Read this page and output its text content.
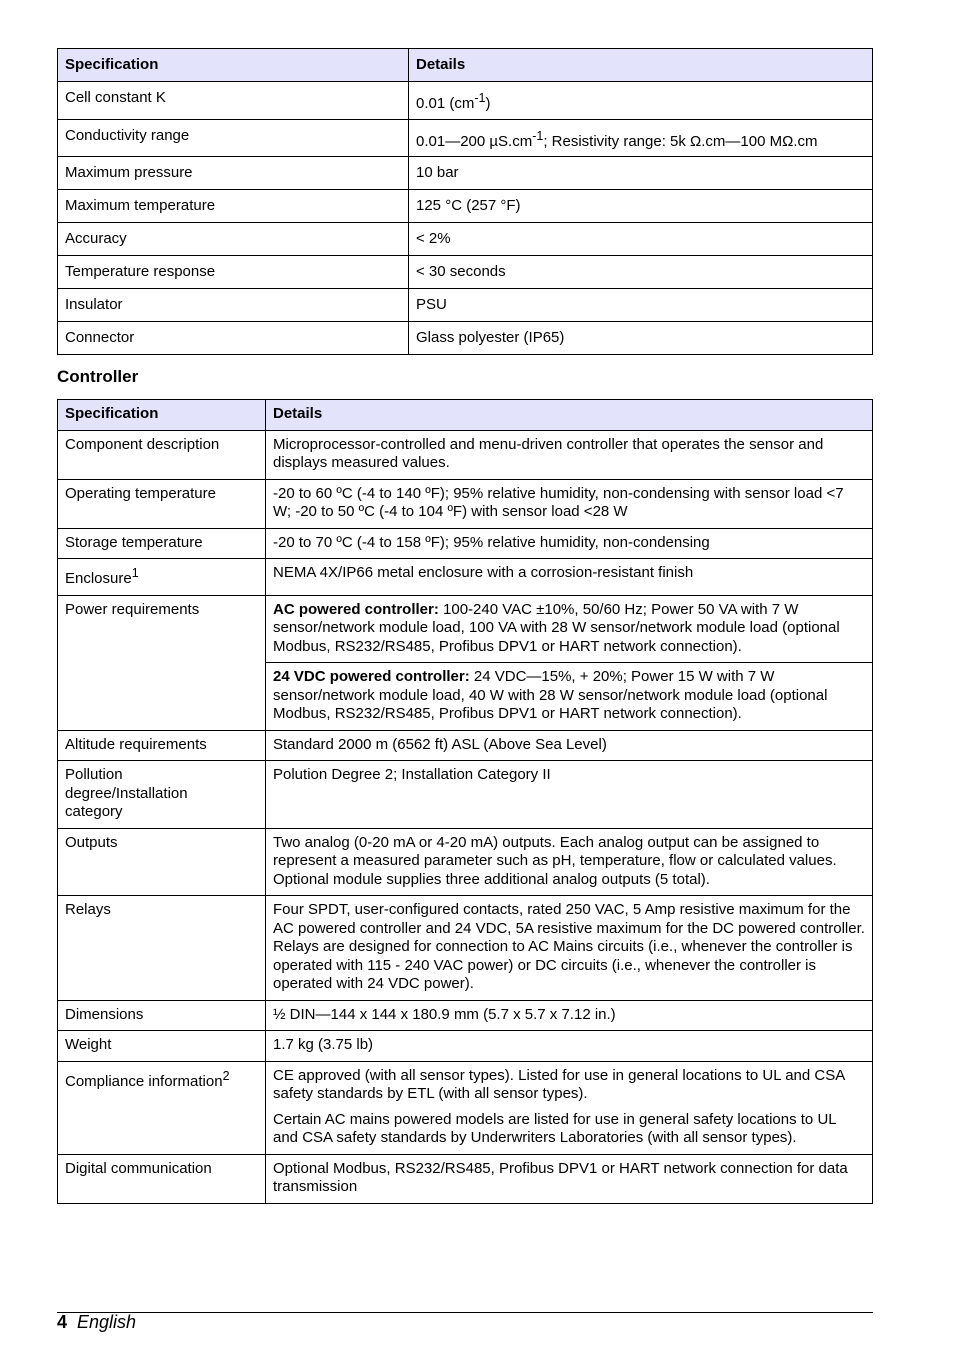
Specification	Details
Cell constant K	0.01 $(cm^{-1})$
Conductivity range	0.01—200 $\mu S.cm^{-1}$; Resistivity range: 5k Ω.cm—100 MΩ.cm
Maximum pressure	10 bar
Maximum temperature	125 °C (257 °F)
Accuracy	< 2%
Temperature response	< 30 seconds
Insulator	PSU
Connector	Glass polyester (IP65)
Controller
Specification	Details
Component description	Microprocessor-controlled and menu-driven controller that operates the sensor and displays measured values.
Operating temperature	-20 to 60 ºC (-4 to 140 ºF); 95% relative humidity, non-condensing with sensor load <7 W; -20 to 50 ºC (-4 to 104 ºF) with sensor load <28 W
Storage temperature	-20 to 70 ºC (-4 to 158 ºF); 95% relative humidity, non-condensing
Enclosure$^1$	NEMA 4X/IP66 metal enclosure with a corrosion-resistant finish
Power requirements	AC powered controller: 100-240 VAC ±10%, 50/60 Hz; Power 50 VA with 7 W sensor/network module load, 100 VA with 28 W sensor/network module load (optional Modbus, RS232/RS485, Profibus DPV1 or HART network connection).
	24 VDC powered controller: 24 VDC—15%, + 20%; Power 15 W with 7 W sensor/network module load, 40 W with 28 W sensor/network module load (optional Modbus, RS232/RS485, Profibus DPV1 or HART network connection).
Altitude requirements	Standard 2000 m (6562 ft) ASL (Above Sea Level)
Pollution degree/Installation category	Polution Degree 2; Installation Category II
Outputs	Two analog (0-20 mA or 4-20 mA) outputs. Each analog output can be assigned to represent a measured parameter such as pH, temperature, flow or calculated values. Optional module supplies three additional analog outputs (5 total).
Relays	Four SPDT, user-configured contacts, rated 250 VAC, 5 Amp resistive maximum for the AC powered controller and 24 VDC, 5A resistive maximum for the DC powered controller. Relays are designed for connection to AC Mains circuits (i.e., whenever the controller is operated with 115 - 240 VAC power) or DC circuits (i.e., whenever the controller is operated with 24 VDC power).
Dimensions	½ DIN—144 x 144 x 180.9 mm (5.7 x 5.7 x 7.12 in.)
Weight	1.7 kg (3.75 lb)
Compliance information$^2$	CE approved (with all sensor types). Listed for use in general locations to UL and CSA safety standards by ETL (with all sensor types).

Certain AC mains powered models are listed for use in general safety locations to UL and CSA safety standards by Underwriters Laboratories (with all sensor types).

Digital communication	Optional Modbus, RS232/RS485, Profibus DPV1 or HART network connection for data transmission
4 English
